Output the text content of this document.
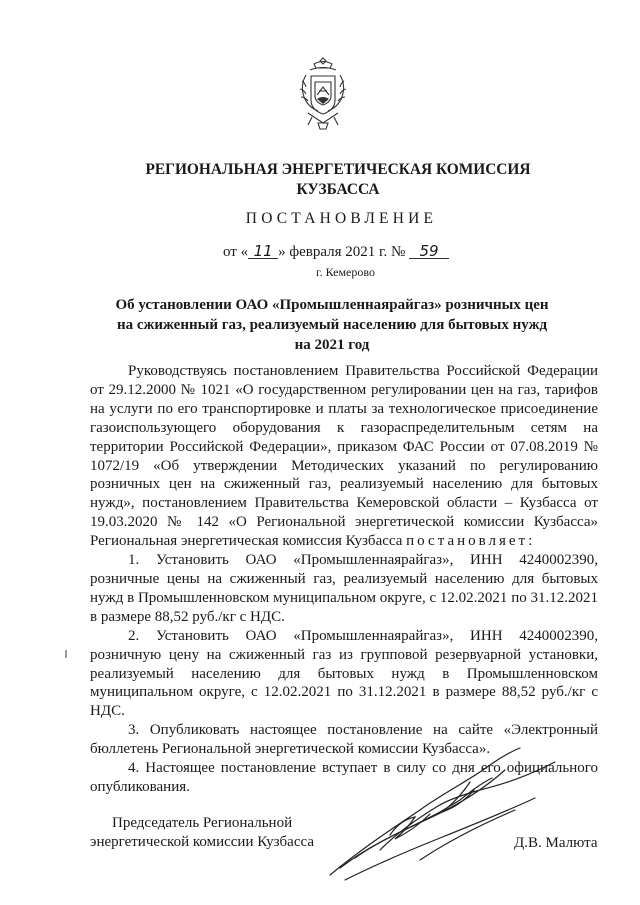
РЕГИОНАЛЬНАЯ ЭНЕРГЕТИЧЕСКАЯ КОМИССИЯ
КУЗБАССА
ПОСТАНОВЛЕНИЕ
от « 11 » февраля 2021 г. № 59
г. Кемерово
Об установлении ОАО «Промышленнаярайгаз» розничных цен
на сжиженный газ, реализуемый населению для бытовых нужд
на 2021 год

Руководствуясь постановлением Правительства Российской Федерации от 29.12.2000 № 1021 «О государственном регулировании цен на газ, тарифов на услуги по его транспортировке и платы за технологическое присоединение газоиспользующего оборудования к газораспределительным сетям на территории Российской Федерации», приказом ФАС России от 07.08.2019 № 1072/19 «Об утверждении Методических указаний по регулированию розничных цен на сжиженный газ, реализуемый населению для бытовых нужд», постановлением Правительства Кемеровской области – Кузбасса от 19.03.2020 № 142 «О Региональной энергетической комиссии Кузбасса» Региональная энергетическая комиссия Кузбасса постановляет:

1. Установить ОАО «Промышленнаярайгаз», ИНН 4240002390, розничные цены на сжиженный газ, реализуемый населению для бытовых нужд в Промышленновском муниципальном округе, с 12.02.2021 по 31.12.2021 в размере 88,52 руб./кг с НДС.

2. Установить ОАО «Промышленнаярайгаз», ИНН 4240002390, розничную цену на сжиженный газ из групповой резервуарной установки, реализуемый населению для бытовых нужд в Промышленновском муниципальном округе, с 12.02.2021 по 31.12.2021 в размере 88,52 руб./кг с НДС.

3. Опубликовать настоящее постановление на сайте «Электронный бюллетень Региональной энергетической комиссии Кузбасса».

4. Настоящее постановление вступает в силу со дня его официального опубликования.

Председатель Региональной
энергетической комиссии Кузбасса	Д.В. Малюта
